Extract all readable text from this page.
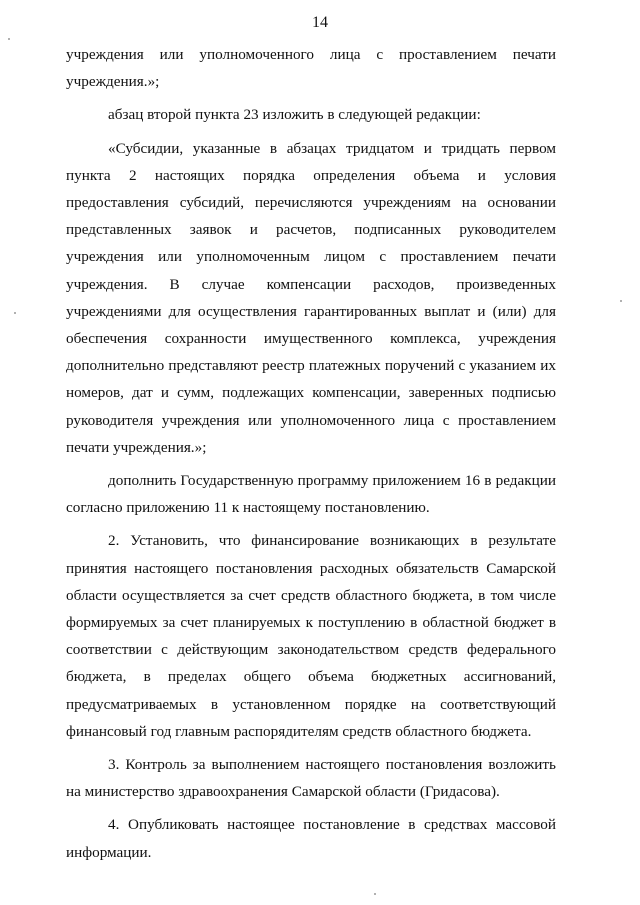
14

учреждения или уполномоченного лица с проставлением печати

учреждения.»;

абзац второй пункта 23 изложить в следующей редакции:

«Субсидии, указанные в абзацах тридцатом и тридцать первом

пункта 2 настоящих порядка определения объема и условия

предоставления субсидий, перечисляются учреждениям на основании

представленных заявок и расчетов, подписанных руководителем

учреждения или уполномоченным лицом с проставлением печати

учреждения. В случае компенсации расходов, произведенных

учреждениями для осуществления гарантированных выплат и (или) для

обеспечения сохранности имущественного комплекса, учреждения

дополнительно представляют реестр платежных поручений с указанием их

номеров, дат и сумм, подлежащих компенсации, заверенных подписью

руководителя учреждения или уполномоченного лица с проставлением

печати учреждения.»;

дополнить Государственную программу приложением 16 в редакции

согласно приложению 11 к настоящему постановлению.

2. Установить, что финансирование возникающих в результате

принятия настоящего постановления расходных обязательств Самарской

области осуществляется за счет средств областного бюджета, в том числе

формируемых за счет планируемых к поступлению в областной бюджет в

соответствии с действующим законодательством средств федерального

бюджета, в пределах общего объема бюджетных ассигнований,

предусматриваемых в установленном порядке на соответствующий

финансовый год главным распорядителям средств областного бюджета.

3. Контроль за выполнением настоящего постановления возложить

на министерство здравоохранения Самарской области (Гридасова).

4. Опубликовать настоящее постановление в средствах массовой

информации.
